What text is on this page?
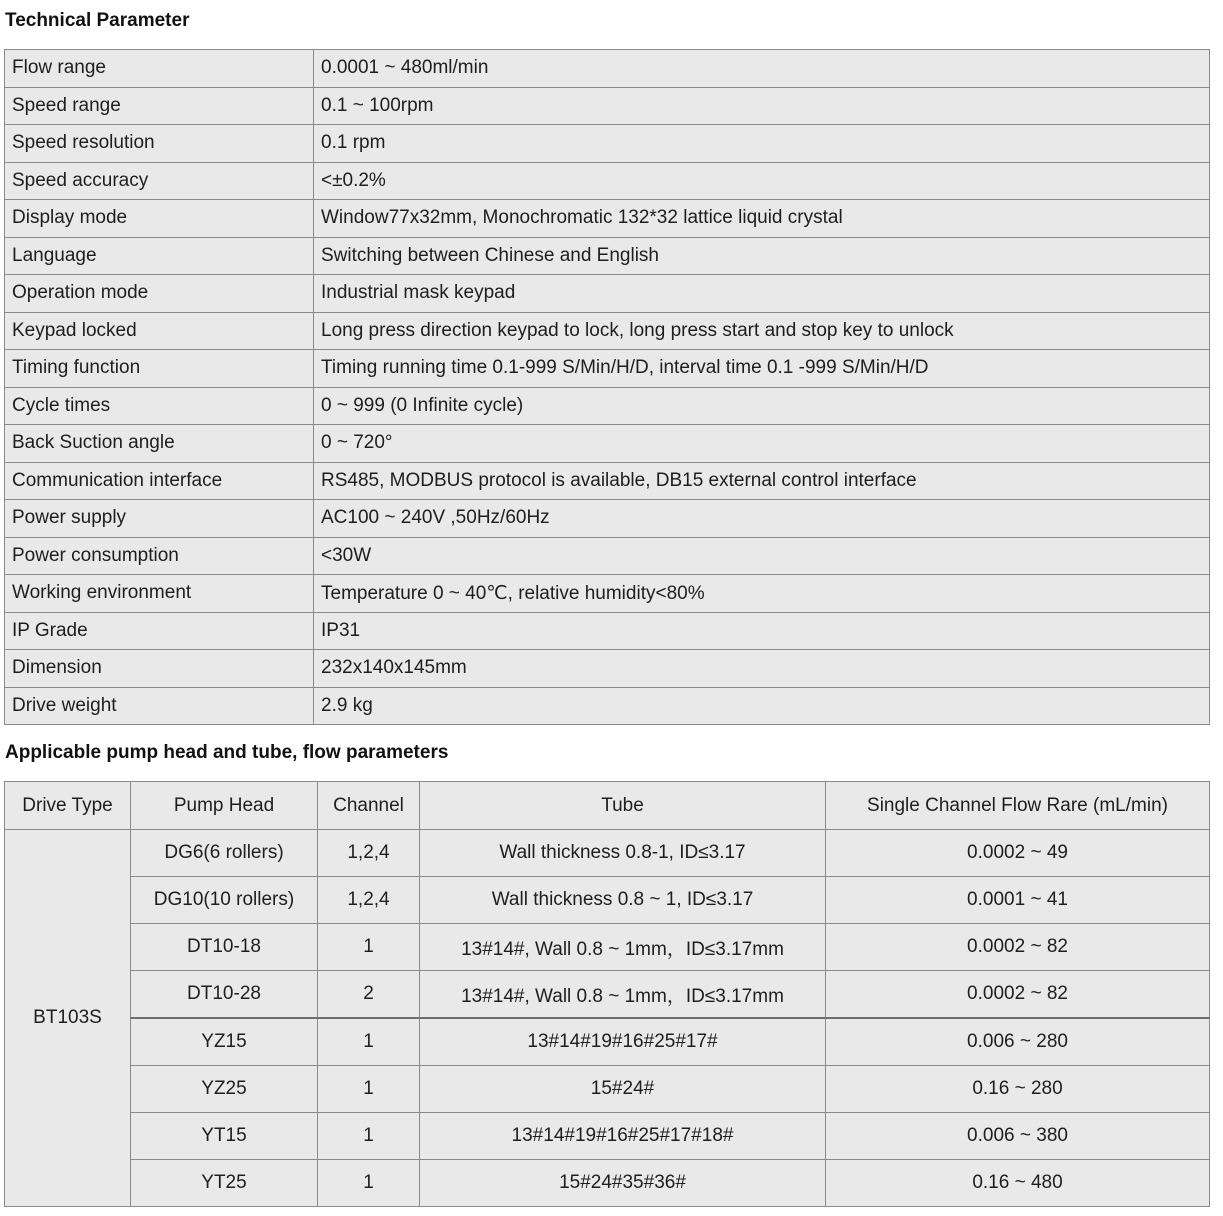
Technical Parameter
Flow range	0.0001 ~ 480ml/min
Speed range	0.1 ~ 100rpm
Speed resolution	0.1 rpm
Speed accuracy	<±0.2%
Display mode	Window77x32mm, Monochromatic 132*32 lattice liquid crystal
Language	Switching between Chinese and English
Operation mode	Industrial mask keypad
Keypad locked	Long press direction keypad to lock, long press start and stop key to unlock
Timing function	Timing running time 0.1-999 S/Min/H/D, interval time 0.1 -999 S/Min/H/D
Cycle times	0 ~ 999 (0 Infinite cycle)
Back Suction angle	0 ~ 720°
Communication interface	RS485, MODBUS protocol is available, DB15 external control interface
Power supply	AC100 ~ 240V ,50Hz/60Hz
Power consumption	<30W
Working environment	Temperature 0 ~ 40℃, relative humidity<80%
IP Grade	IP31
Dimension	232x140x145mm
Drive weight	2.9 kg
Applicable pump head and tube, flow parameters
Drive Type	Pump Head	Channel	Tube	Single Channel Flow Rare (mL/min)
BT103S	DG6(6 rollers)	1,2,4	Wall thickness 0.8-1, ID≤3.17	0.0002 ~ 49
	DG10(10 rollers)	1,2,4	Wall thickness 0.8 ~ 1, ID≤3.17	0.0001 ~ 41
	DT10-18	1	13#14#, Wall 0.8 ~ 1mm，ID≤3.17mm	0.0002 ~ 82
	DT10-28	2	13#14#, Wall 0.8 ~ 1mm，ID≤3.17mm	0.0002 ~ 82
	YZ15	1	13#14#19#16#25#17#	0.006 ~ 280
	YZ25	1	15#24#	0.16 ~ 280
	YT15	1	13#14#19#16#25#17#18#	0.006 ~ 380
	YT25	1	15#24#35#36#	0.16 ~ 480
